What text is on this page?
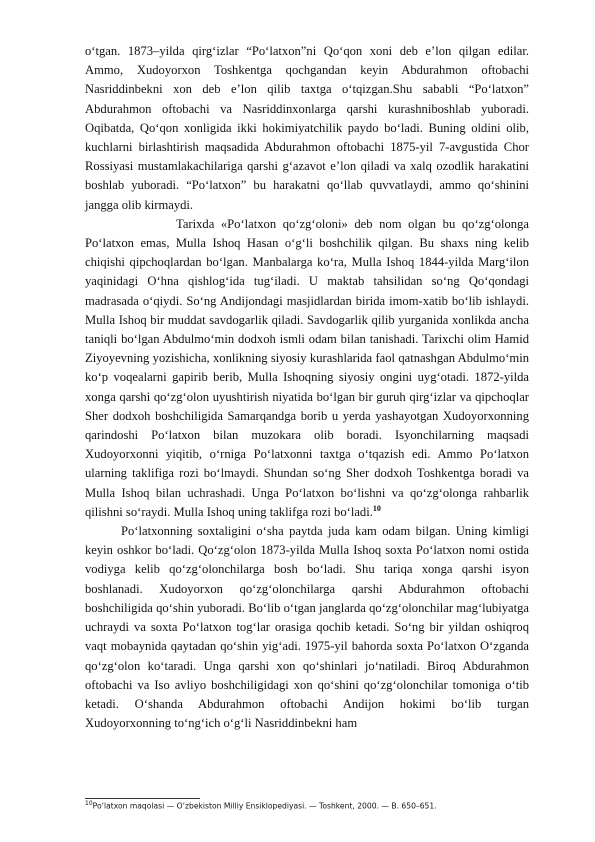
o‘tgan. 1873–yilda qirg‘izlar “Po‘latxon”ni Qo‘qon xoni deb e’lon qilgan edilar. Ammo, Xudoyorxon Toshkentga qochgandan keyin Abdurahmon oftobachi Nasriddinbekni xon deb e’lon qilib taxtga o‘tqizgan.Shu sababli “Po‘latxon” Abdurahmon oftobachi va Nasriddinxonlarga qarshi kurashniboshlab yuboradi. Oqibatda, Qo‘qon xonligida ikki hokimiyatchilik paydo bo‘ladi. Buning oldini olib, kuchlarni birlashtirish maqsadida Abdurahmon oftobachi 1875-yil 7-avgustida Chor Rossiyasi mustamlakachilariga qarshi g‘azavot e’lon qiladi va xalq ozodlik harakatini boshlab yuboradi. “Po‘latxon” bu harakatni qo‘llab quvvatlaydi, ammo qo‘shinini jangga olib kirmaydi.

Tarixda «Po‘latxon qo‘zg‘oloni» deb nom olgan bu qo‘zg‘olonga Po‘latxon emas, Mulla Ishoq Hasan o‘g‘li boshchilik qilgan. Bu shaxs ning kelib chiqishi qipchoqlardan bo‘lgan. Manbalarga ko‘ra, Mulla Ishoq 1844-yilda Marg‘ilon yaqinidagi O‘hna qishlog‘ida tug‘iladi. U maktab tahsilidan so‘ng Qo‘qondagi madrasada o‘qiydi. So‘ng Andijondagi masjidlardan birida imom-xatib bo‘lib ishlaydi. Mulla Ishoq bir muddat savdogarlik qiladi. Savdogarlik qilib yurganida xonlikda ancha taniqli bo‘lgan Abdulmo‘min dodxoh ismli odam bilan tanishadi. Tarixchi olim Hamid Ziyoyevning yozishicha, xonlikning siyosiy kurashlarida faol qatnashgan Abdulmo‘min ko‘p voqealarni gapirib berib, Mulla Ishoqning siyosiy ongini uyg‘otadi. 1872-yilda xonga qarshi qo‘zg‘olon uyushtirish niyatida bo‘lgan bir guruh qirg‘izlar va qipchoqlar Sher dodxoh boshchiligida Samarqandga borib u yerda yashayotgan Xudoyorxonning qarindoshi Po‘latxon bilan muzokara olib boradi. Isyonchilarning maqsadi Xudoyorxonni yiqitib, o‘rniga Po‘latxonni taxtga o‘tqazish edi. Ammo Po‘latxon ularning taklifiga rozi bo‘lmaydi. Shundan so‘ng Sher dodxoh Toshkentga boradi va Mulla Ishoq bilan uchrashadi. Unga Po‘latxon bo‘lishni va qo‘zg‘olonga rahbarlik qilishni so‘raydi. Mulla Ishoq uning taklifga rozi bo‘ladi.$^{10}$

Po‘latxonning soxtaligini o‘sha paytda juda kam odam bilgan. Uning kimligi keyin oshkor bo‘ladi. Qo‘zg‘olon 1873-yilda Mulla Ishoq soxta Po‘latxon nomi ostida vodiyga kelib qo‘zg‘olonchilarga bosh bo‘ladi. Shu tariqa xonga qarshi isyon boshlanadi. Xudoyorxon qo‘zg‘olonchilarga qarshi Abdurahmon oftobachi boshchiligida qo‘shin yuboradi. Bo‘lib o‘tgan janglarda qo‘zg‘olonchilar mag‘lubiyatga uchraydi va soxta Po‘latxon tog‘lar orasiga qochib ketadi. So‘ng bir yildan oshiqroq vaqt mobaynida qaytadan qo‘shin yig‘adi. 1975-yil bahorda soxta Po‘latxon O‘zganda qo‘zg‘olon ko‘taradi. Unga qarshi xon qo‘shinlari jo‘natiladi. Biroq Abdurahmon oftobachi va Iso avliyo boshchiligidagi xon qo‘shini qo‘zg‘olonchilar tomoniga o‘tib ketadi. O‘shanda Abdurahmon oftobachi Andijon hokimi bo‘lib turgan Xudoyorxonning to‘ng‘ich o‘g‘li Nasriddinbekni ham

$^{10}$Po‘latxon maqolasi — O‘zbekiston Milliy Ensiklopediyasi. — Toshkent, 2000. — B. 650–651.
